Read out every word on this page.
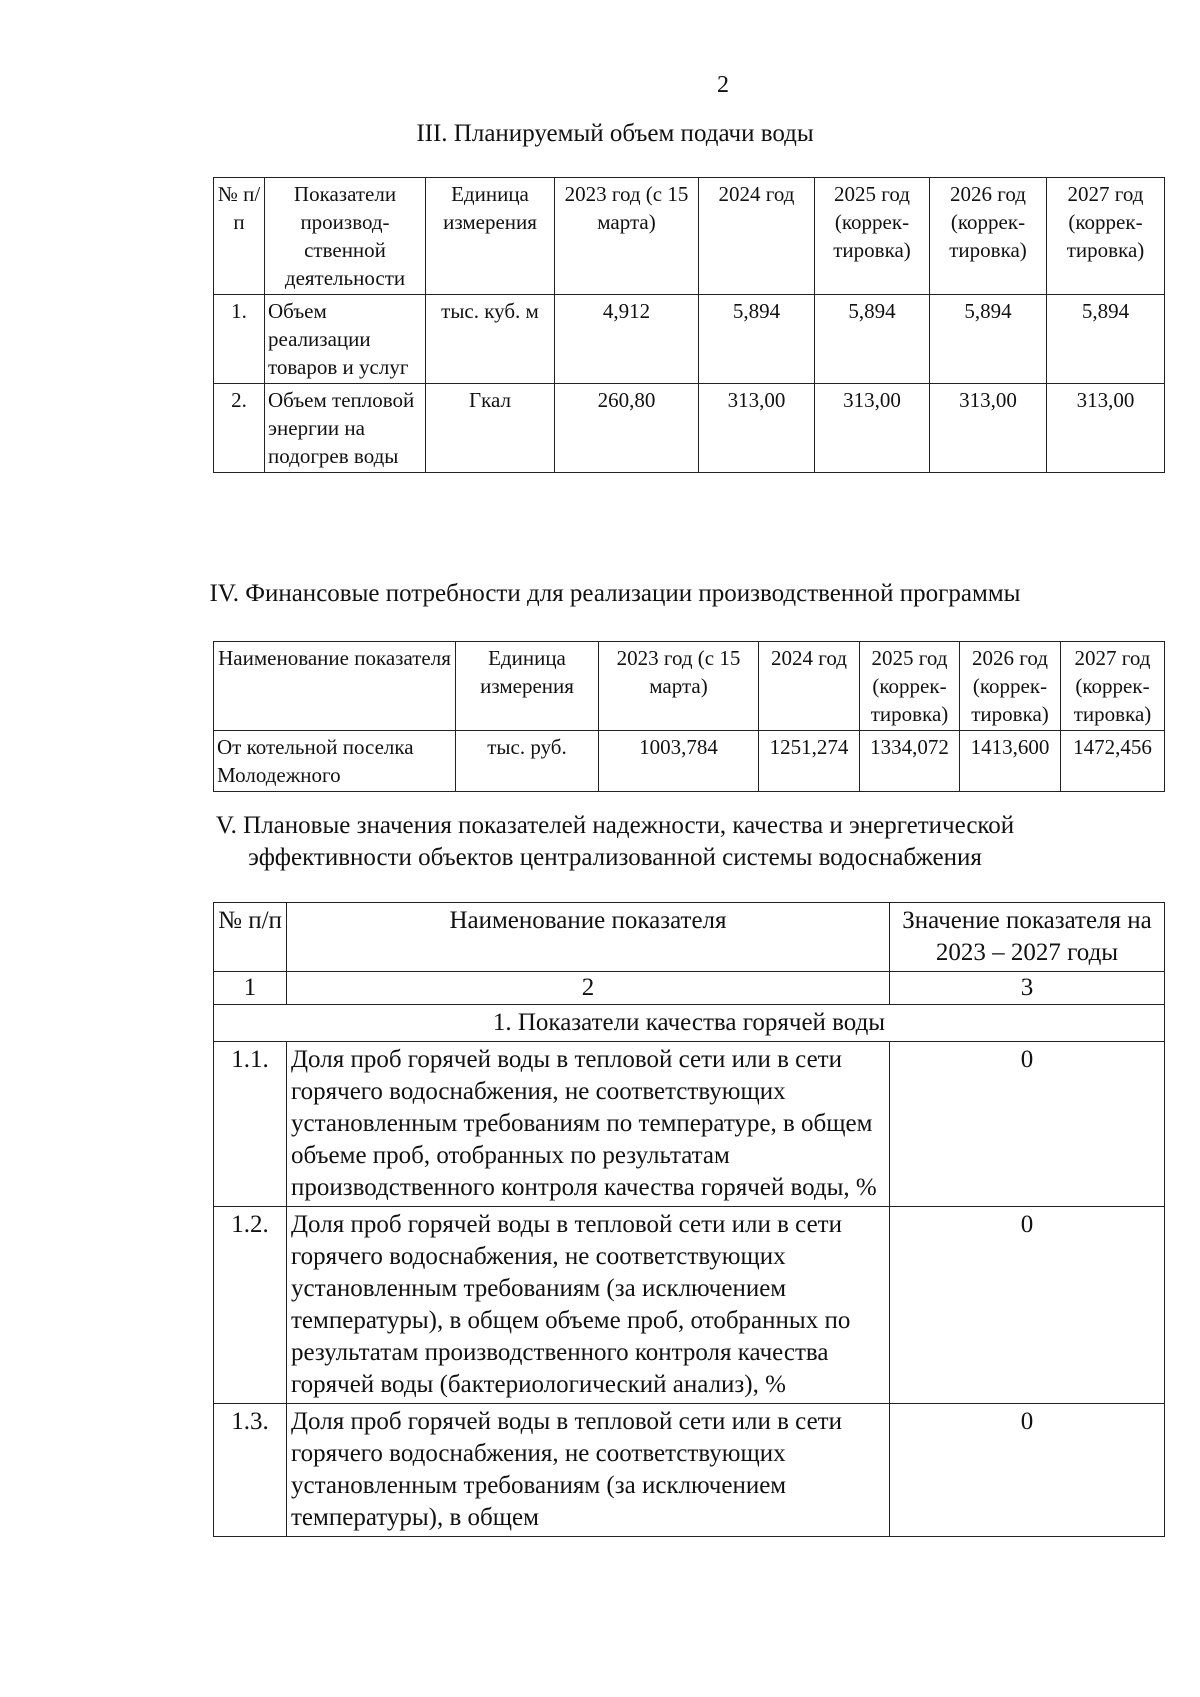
2
III. Планируемый объем подачи воды
№ п/п	Показатели производ-ственной деятельности	Единица измерения	2023 год (с 15 марта)	2024 год	2025 год (коррек-тировка)	2026 год (коррек-тировка)	2027 год (коррек-тировка)
1.	Объем реализации товаров и услуг	тыс. куб. м	4,912	5,894	5,894	5,894	5,894
2.	Объем тепловой энергии на подогрев воды	Гкал	260,80	313,00	313,00	313,00	313,00
IV. Финансовые потребности для реализации производственной программы
Наименование показателя	Единица измерения	2023 год (с 15 марта)	2024 год	2025 год (коррек-тировка)	2026 год (коррек-тировка)	2027 год (коррек-тировка)
От котельной поселка Молодежного	тыс. руб.	1003,784	1251,274	1334,072	1413,600	1472,456
V. Плановые значения показателей надежности, качества и энергетической
эффективности объектов централизованной системы водоснабжения
№ п/п	Наименование показателя	Значение показателя на 2023 – 2027 годы
1	2	3
1. Показатели качества горячей воды		
1.1.	Доля проб горячей воды в тепловой сети или в сети горячего водоснабжения, не соответствующих установленным требованиям по температуре, в общем объеме проб, отобранных по результатам производственного контроля качества горячей воды, %	0
1.2.	Доля проб горячей воды в тепловой сети или в сети горячего водоснабжения, не соответствующих установленным требованиям (за исключением температуры), в общем объеме проб, отобранных по результатам производственного контроля качества горячей воды (бактериологический анализ), %	0
1.3.	Доля проб горячей воды в тепловой сети или в сети горячего водоснабжения, не соответствующих установленным требованиям (за исключением температуры), в общем	0
